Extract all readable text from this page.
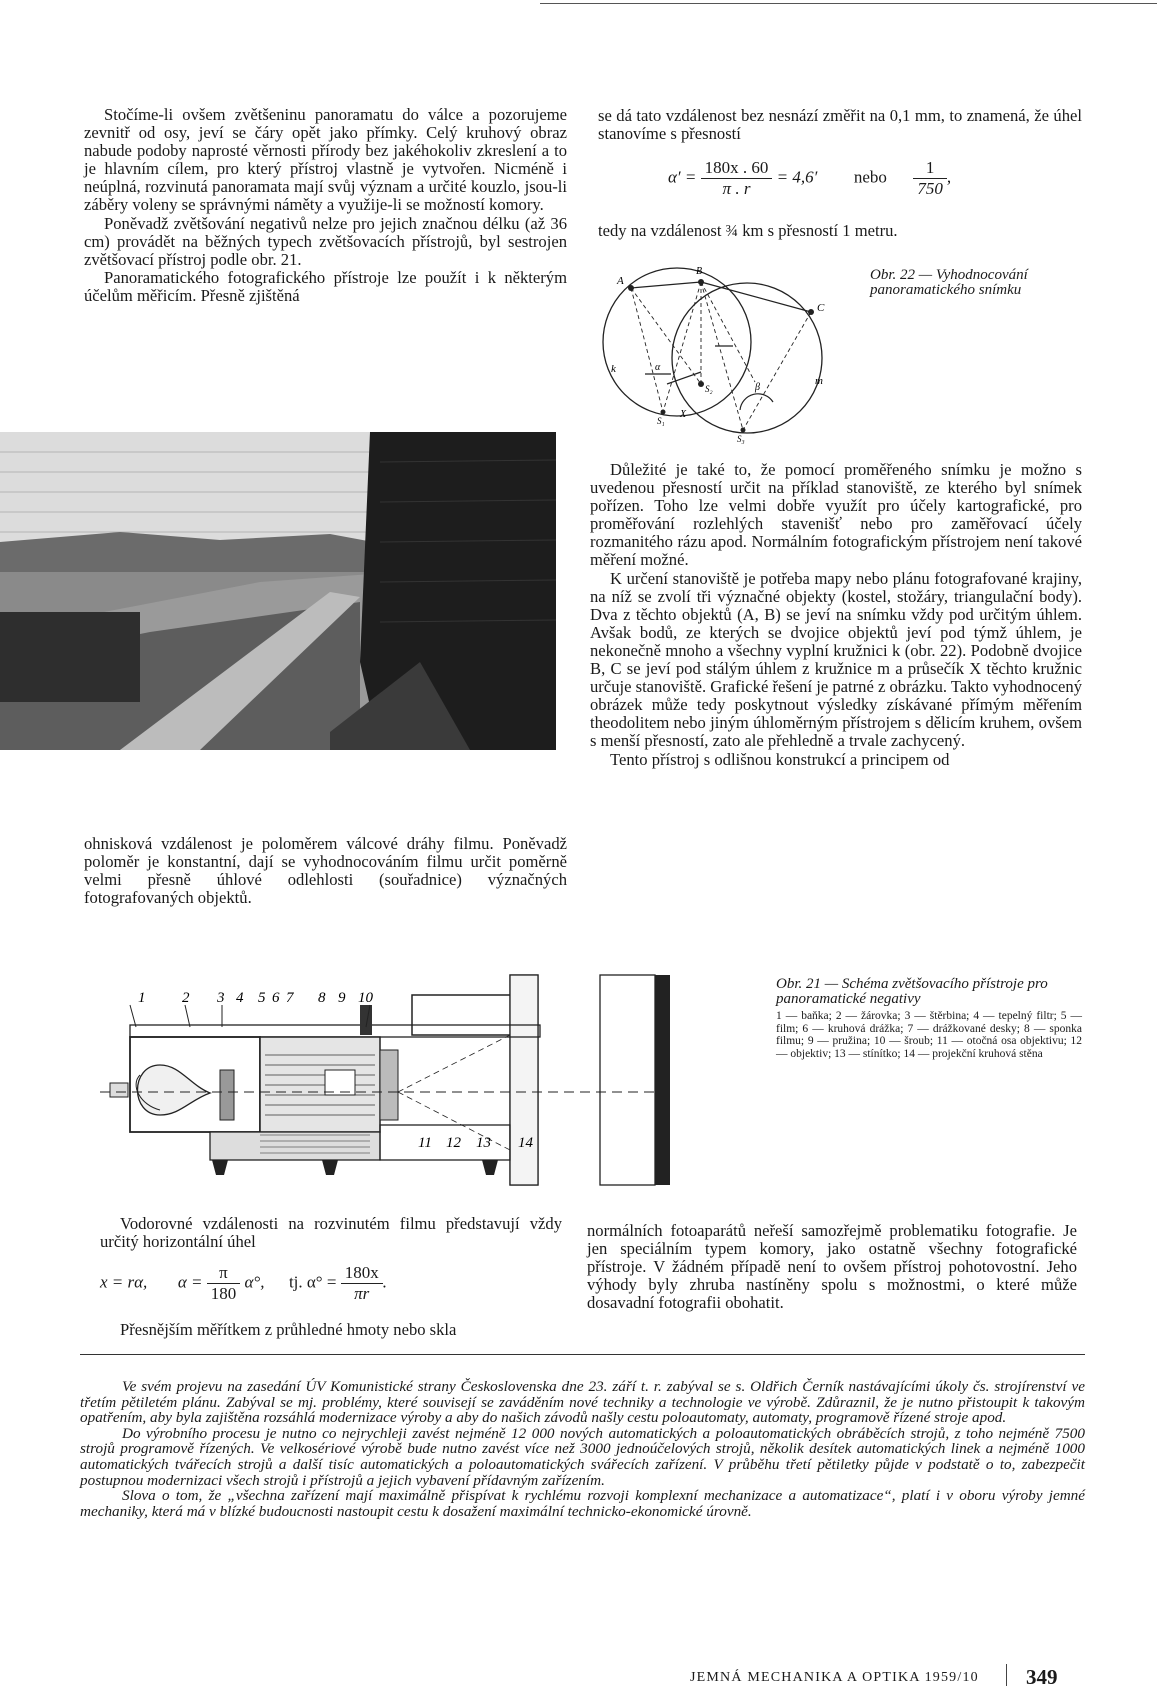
Stočíme-li ovšem zvětšeninu panoramatu do válce a pozorujeme zevnitř od osy, jeví se čáry opět jako přímky. Celý kruhový obraz nabude podoby naprosté věrnosti přírody bez jakéhokoliv zkreslení a to je hlavním cílem, pro který přístroj vlastně je vytvořen. Nicméně i neúplná, rozvinutá panoramata mají svůj význam a určité kouzlo, jsou-li záběry voleny se správnými náměty a využije-li se možností komory.

Poněvadž zvětšování negativů nelze pro jejich značnou délku (až 36 cm) provádět na běžných typech zvětšovacích přístrojů, byl sestrojen zvětšovací přístroj podle obr. 21.

Panoramatického fotografického přístroje lze použít i k některým účelům měřicím. Přesně zjištěná

ohnisková vzdálenost je poloměrem válcové dráhy filmu. Poněvadž poloměr je konstantní, dají se vyhodnocováním filmu určit poměrně velmi přesně úhlové odlehlosti (souřadnice) význačných fotografovaných objektů.

se dá tato vzdálenost bez nesnází změřit na 0,1 mm, to znamená, že úhel stanovíme s přesností

$\alpha' = \frac{180x . 60}{\pi . r} = 4,6'$ nebo $\frac{1}{750}$ ,

tedy na vzdálenost ¾ km s přesností 1 metru.

A
B
C
k
m
X
α
β
S₁
S₂
S₃
Obr. 22 — Vyhodnocování panoramatického snímku

Důležité je také to, že pomocí proměřeného snímku je možno s uvedenou přesností určit na příklad stanoviště, ze kterého byl snímek pořízen. Toho lze velmi dobře využít pro účely kartografické, pro proměřování rozlehlých stavenišť nebo pro zaměřovací účely rozmanitého rázu apod. Normálním fotografickým přístrojem není takové měření možné.

K určení stanoviště je potřeba mapy nebo plánu fotografované krajiny, na níž se zvolí tři význačné objekty (kostel, stožáry, triangulační body). Dva z těchto objektů (A, B) se jeví na snímku vždy pod určitým úhlem. Avšak bodů, ze kterých se dvojice objektů jeví pod týmž úhlem, je nekonečně mnoho a všechny vyplní kružnici k (obr. 22). Podobně dvojice B, C se jeví pod stálým úhlem z kružnice m a průsečík X těchto kružnic určuje stanoviště. Grafické řešení je patrné z obrázku. Takto vyhodnocený obrázek může tedy poskytnout výsledky získávané přímým měřením theodolitem nebo jiným úhloměrným přístrojem s dělicím kruhem, ovšem s menší přesností, zato ale přehledně a trvale zachycený.

Tento přístroj s odlišnou konstrukcí a principem od

1 2 3 4 5 6 7 8 9 10
11 12 13 14
Obr. 21 — Schéma zvětšovacího přístroje pro panoramatické negativy
1 — baňka; 2 — žárovka; 3 — štěrbina; 4 — tepelný filtr; 5 — film; 6 — kruhová drážka; 7 — drážkované desky; 8 — sponka filmu; 9 — pružina; 10 — šroub; 11 — otočná osa objektivu; 12 — objektiv; 13 — stínítko; 14 — projekční kruhová stěna

Vodorovné vzdálenosti na rozvinutém filmu představují vždy určitý horizontální úhel

x = rα, $\alpha = \frac{\pi}{180} \alpha^\circ$, tj. $\alpha^\circ = \frac{180x}{\pi r}$ .

Přesnějším měřítkem z průhledné hmoty nebo skla

normálních fotoaparátů neřeší samozřejmě problematiku fotografie. Je jen speciálním typem komory, jako ostatně všechny fotografické přístroje. V žádném případě není to ovšem přístroj pohotovostní. Jeho výhody byly zhruba nastíněny spolu s možnostmi, o které může dosavadní fotografii obohatit.

Ve svém projevu na zasedání ÚV Komunistické strany Československa dne 23. září t. r. zabýval se s. Oldřich Černík nastávajícími úkoly čs. strojírenství ve třetím pětiletém plánu. Zabýval se mj. problémy, které souvisejí se zaváděním nové techniky a technologie ve výrobě. Zdůraznil, že je nutno přistoupit k takovým opatřením, aby byla zajištěna rozsáhlá modernizace výroby a aby do našich závodů našly cestu poloautomaty, automaty, programově řízené stroje apod.

Do výrobního procesu je nutno co nejrychleji zavést nejméně 12 000 nových automatických a poloautomatických obráběcích strojů, z toho nejméně 7500 strojů programově řízených. Ve velkosériové výrobě bude nutno zavést více než 3000 jednoúčelových strojů, několik desítek automatických linek a nejméně 1000 automatických tvářecích strojů a další tisíc automatických a poloautomatických svářecích zařízení. V průběhu třetí pětiletky půjde v podstatě o to, zabezpečit postupnou modernizaci všech strojů i přístrojů a jejich vybavení přídavným zařízením.

Slova o tom, že „všechna zařízení mají maximálně přispívat k rychlému rozvoji komplexní mechanizace a automatizace“, platí i v oboru výroby jemné mechaniky, která má v blízké budoucnosti nastoupit cestu k dosažení maximální technicko-ekonomické úrovně.

JEMNÁ MECHANIKA A OPTIKA 1959/10 349
